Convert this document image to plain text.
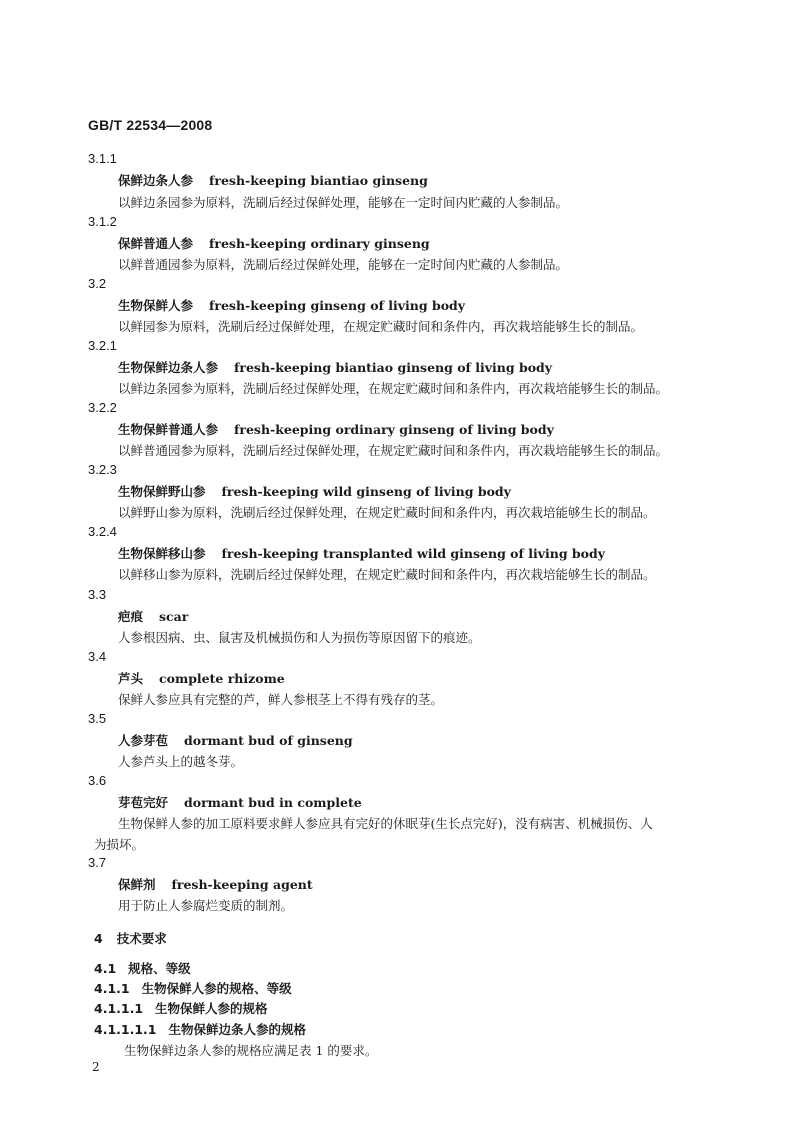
GB/T 22534—2008
3.1.1
保鲜边条人参 fresh-keeping biantiao ginseng
以鲜边条园参为原料，洗刷后经过保鲜处理，能够在一定时间内贮藏的人参制品。
3.1.2
保鲜普通人参 fresh-keeping ordinary ginseng
以鲜普通园参为原料，洗刷后经过保鲜处理，能够在一定时间内贮藏的人参制品。
3.2
生物保鲜人参 fresh-keeping ginseng of living body
以鲜园参为原料，洗刷后经过保鲜处理，在规定贮藏时间和条件内，再次栽培能够生长的制品。
3.2.1
生物保鲜边条人参 fresh-keeping biantiao ginseng of living body
以鲜边条园参为原料，洗刷后经过保鲜处理，在规定贮藏时间和条件内，再次栽培能够生长的制品。
3.2.2
生物保鲜普通人参 fresh-keeping ordinary ginseng of living body
以鲜普通园参为原料，洗刷后经过保鲜处理，在规定贮藏时间和条件内，再次栽培能够生长的制品。
3.2.3
生物保鲜野山参 fresh-keeping wild ginseng of living body
以鲜野山参为原料，洗刷后经过保鲜处理，在规定贮藏时间和条件内，再次栽培能够生长的制品。
3.2.4
生物保鲜移山参 fresh-keeping transplanted wild ginseng of living body
以鲜移山参为原料，洗刷后经过保鲜处理，在规定贮藏时间和条件内，再次栽培能够生长的制品。
3.3
疤痕 scar
人参根因病、虫、鼠害及机械损伤和人为损伤等原因留下的痕迹。
3.4
芦头 complete rhizome
保鲜人参应具有完整的芦，鲜人参根茎上不得有残存的茎。
3.5
人参芽苞 dormant bud of ginseng
人参芦头上的越冬芽。
3.6
芽苞完好 dormant bud in complete
生物保鲜人参的加工原料要求鲜人参应具有完好的休眠芽(生长点完好)，没有病害、机械损伤、人
为损坏。
3.7
保鲜剂 fresh-keeping agent
用于防止人参腐烂变质的制剂。
4 技术要求
4.1 规格、等级
4.1.1 生物保鲜人参的规格、等级
4.1.1.1 生物保鲜人参的规格
4.1.1.1.1 生物保鲜边条人参的规格
生物保鲜边条人参的规格应满足表 1 的要求。
2
